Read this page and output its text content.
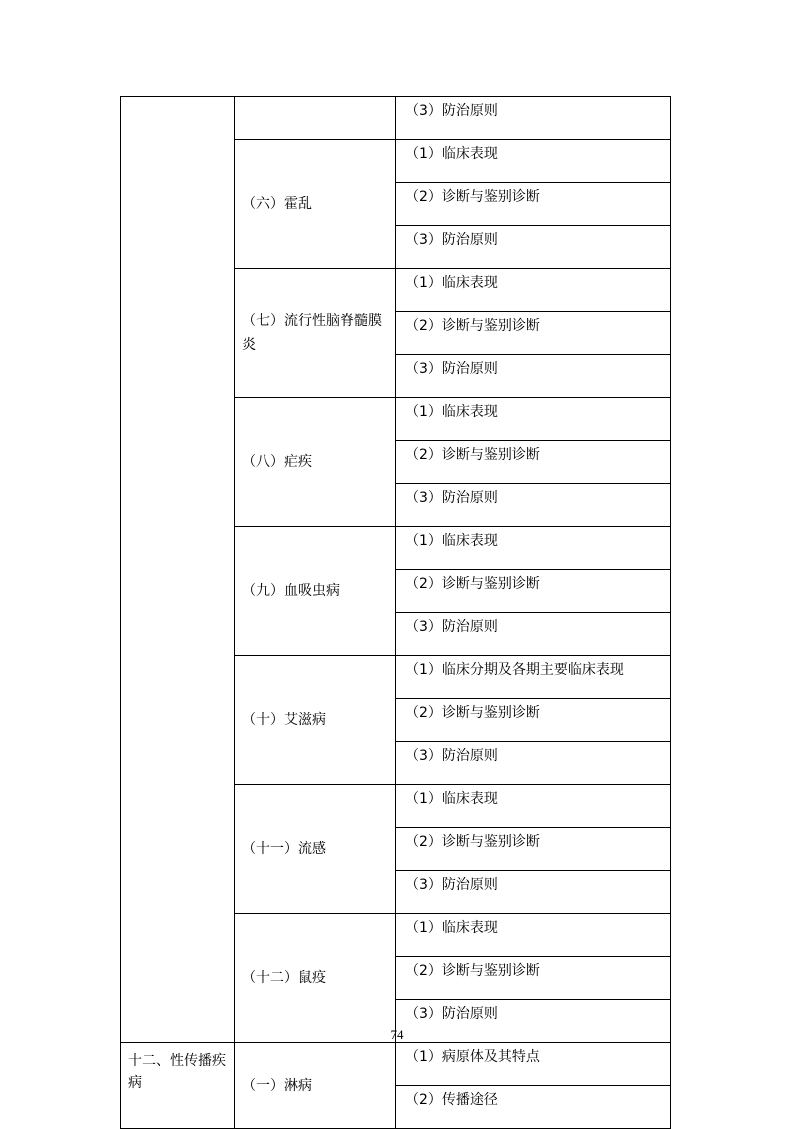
		（3）防治原则
	（六）霍乱	（1）临床表现
		（2）诊断与鉴别诊断
		（3）防治原则
	（七）流行性脑脊髓膜炎	（1）临床表现
		（2）诊断与鉴别诊断
		（3）防治原则
	（八）疟疾	（1）临床表现
		（2）诊断与鉴别诊断
		（3）防治原则
	（九）血吸虫病	（1）临床表现
		（2）诊断与鉴别诊断
		（3）防治原则
	（十）艾滋病	（1）临床分期及各期主要临床表现
		（2）诊断与鉴别诊断
		（3）防治原则
	（十一）流感	（1）临床表现
		（2）诊断与鉴别诊断
		（3）防治原则
	（十二）鼠疫	（1）临床表现
		（2）诊断与鉴别诊断
		（3）防治原则
十二、性传播疾病	（一）淋病	（1）病原体及其特点
		（2）传播途径
74
